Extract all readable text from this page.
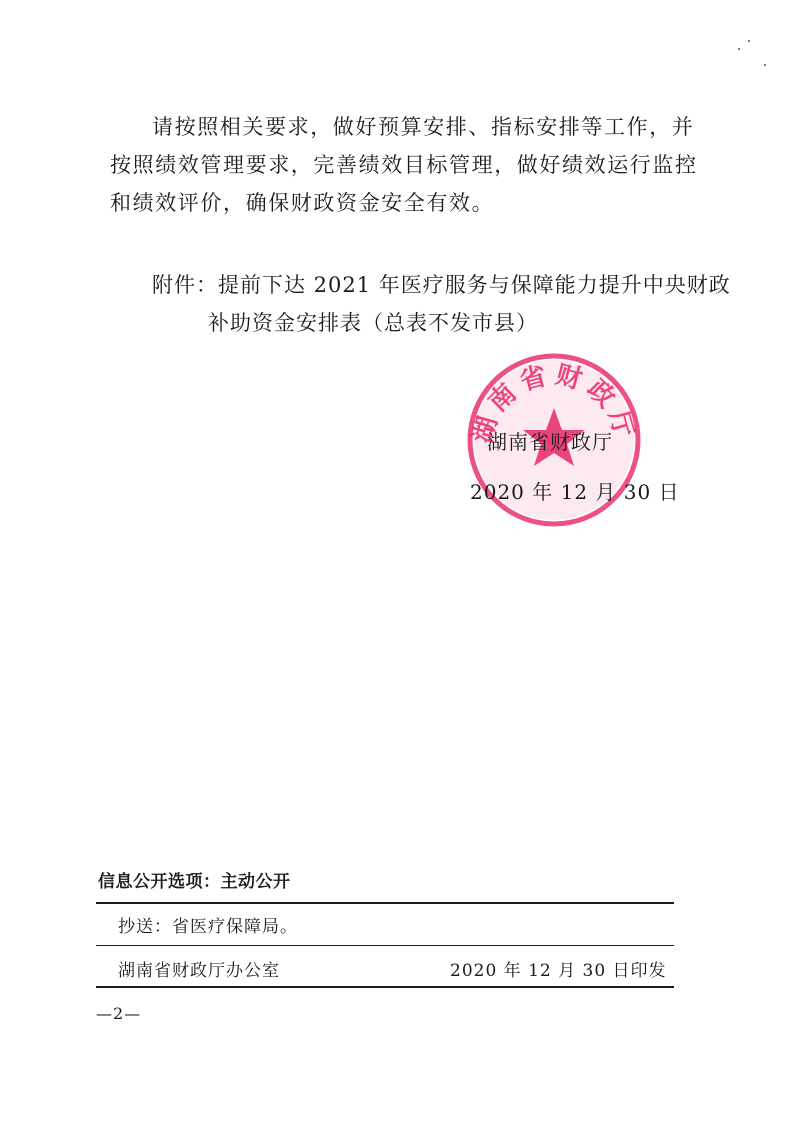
请按照相关要求，做好预算安排、指标安排等工作，并按照绩效管理要求，完善绩效目标管理，做好绩效运行监控和绩效评价，确保财政资金安全有效。
附件：提前下达 2021 年医疗服务与保障能力提升中央财政
补助资金安排表（总表不发市县）
湖南省财政厅
湖南省财政厅
2020 年 12 月 30 日
信息公开选项：主动公开
抄送：省医疗保障局。
湖南省财政厅办公室	2020 年 12 月 30 日印发
—2—
